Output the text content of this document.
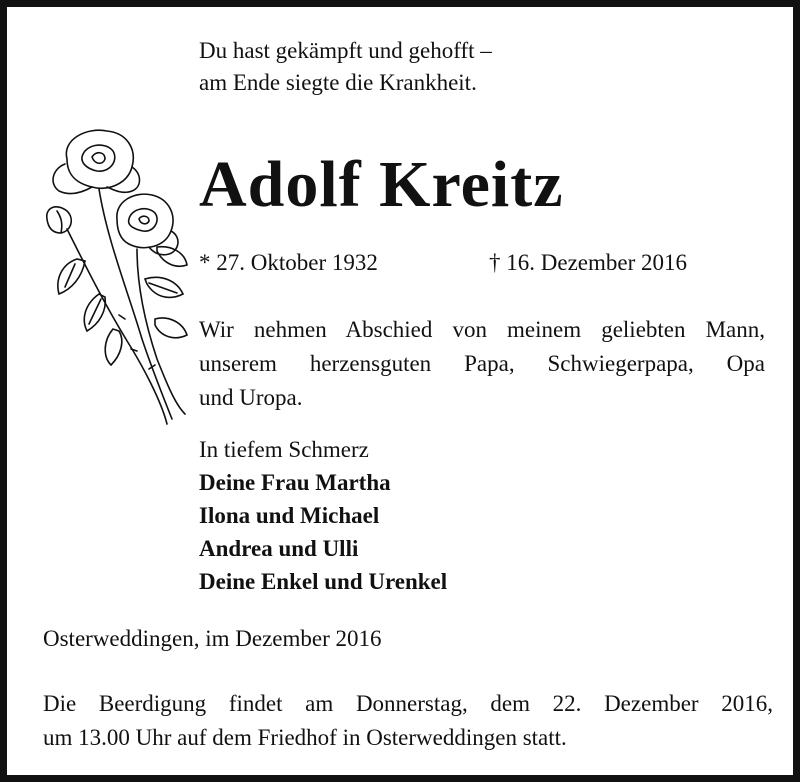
Du hast gekämpft und gehofft –
am Ende siegte die Krankheit.
Adolf Kreitz
* 27. Oktober 1932	† 16. Dezember 2016
Wir nehmen Abschied von meinem geliebten Mann,
unserem herzensguten Papa, Schwiegerpapa, Opa
und Uropa.
In tiefem Schmerz
Deine Frau Martha
Ilona und Michael
Andrea und Ulli
Deine Enkel und Urenkel
Osterweddingen, im Dezember 2016
Die Beerdigung findet am Donnerstag, dem 22. Dezember 2016,
um 13.00 Uhr auf dem Friedhof in Osterweddingen statt.
